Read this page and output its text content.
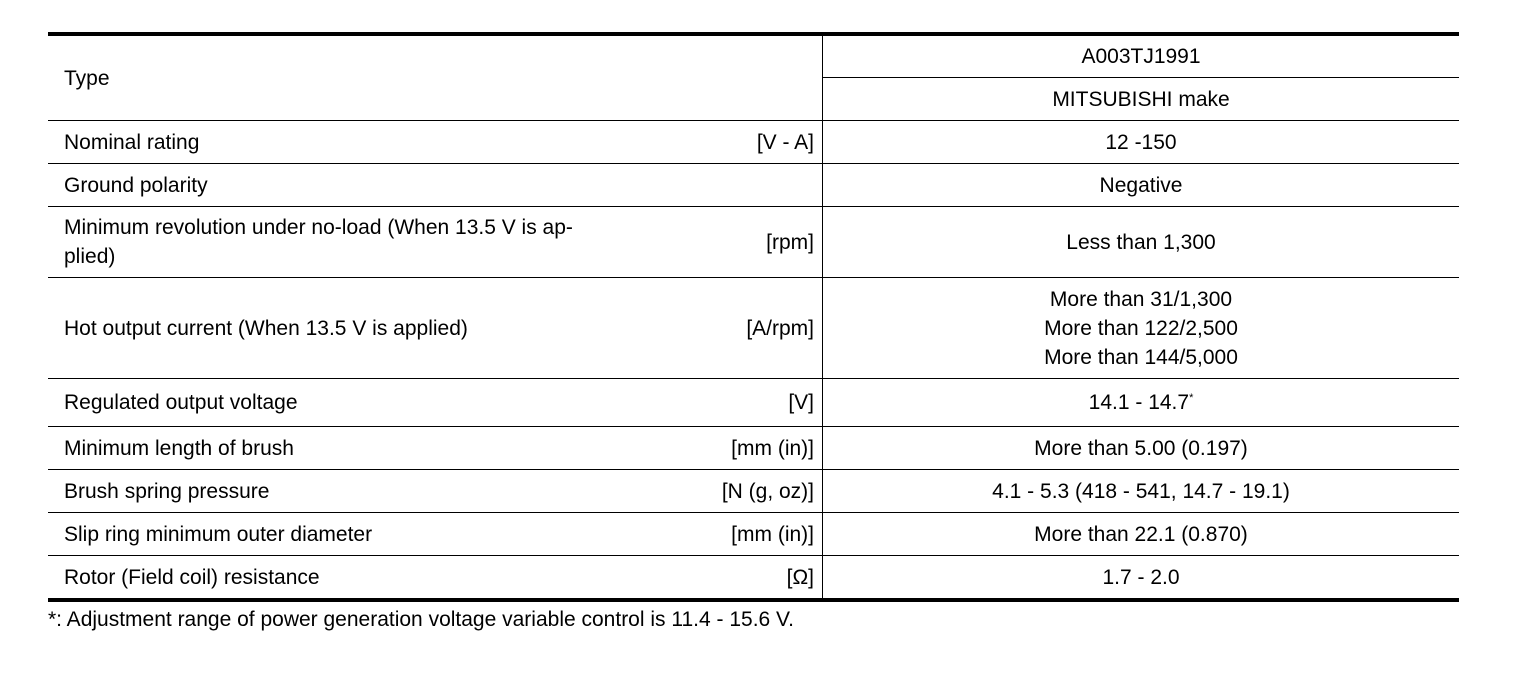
Type		A003TJ1991
		MITSUBISHI make
Nominal rating	[V - A]	12 -150
Ground polarity		Negative

Minimum revolution under no-load (When 13.5 V is ap-
plied)	[rpm]	Less than 1,300
Hot output current (When 13.5 V is applied)	[A/rpm]	More than 31/1,300
More than 122/2,500
More than 144/5,000

Regulated output voltage	[V]	14.1 - 14.7*
Minimum length of brush	[mm (in)]	More than 5.00 (0.197)
Brush spring pressure	[N (g, oz)]	4.1 - 5.3 (418 - 541, 14.7 - 19.1)
Slip ring minimum outer diameter	[mm (in)]	More than 22.1 (0.870)
Rotor (Field coil) resistance	[Ω]	1.7 - 2.0
*: Adjustment range of power generation voltage variable control is 11.4 - 15.6 V.
